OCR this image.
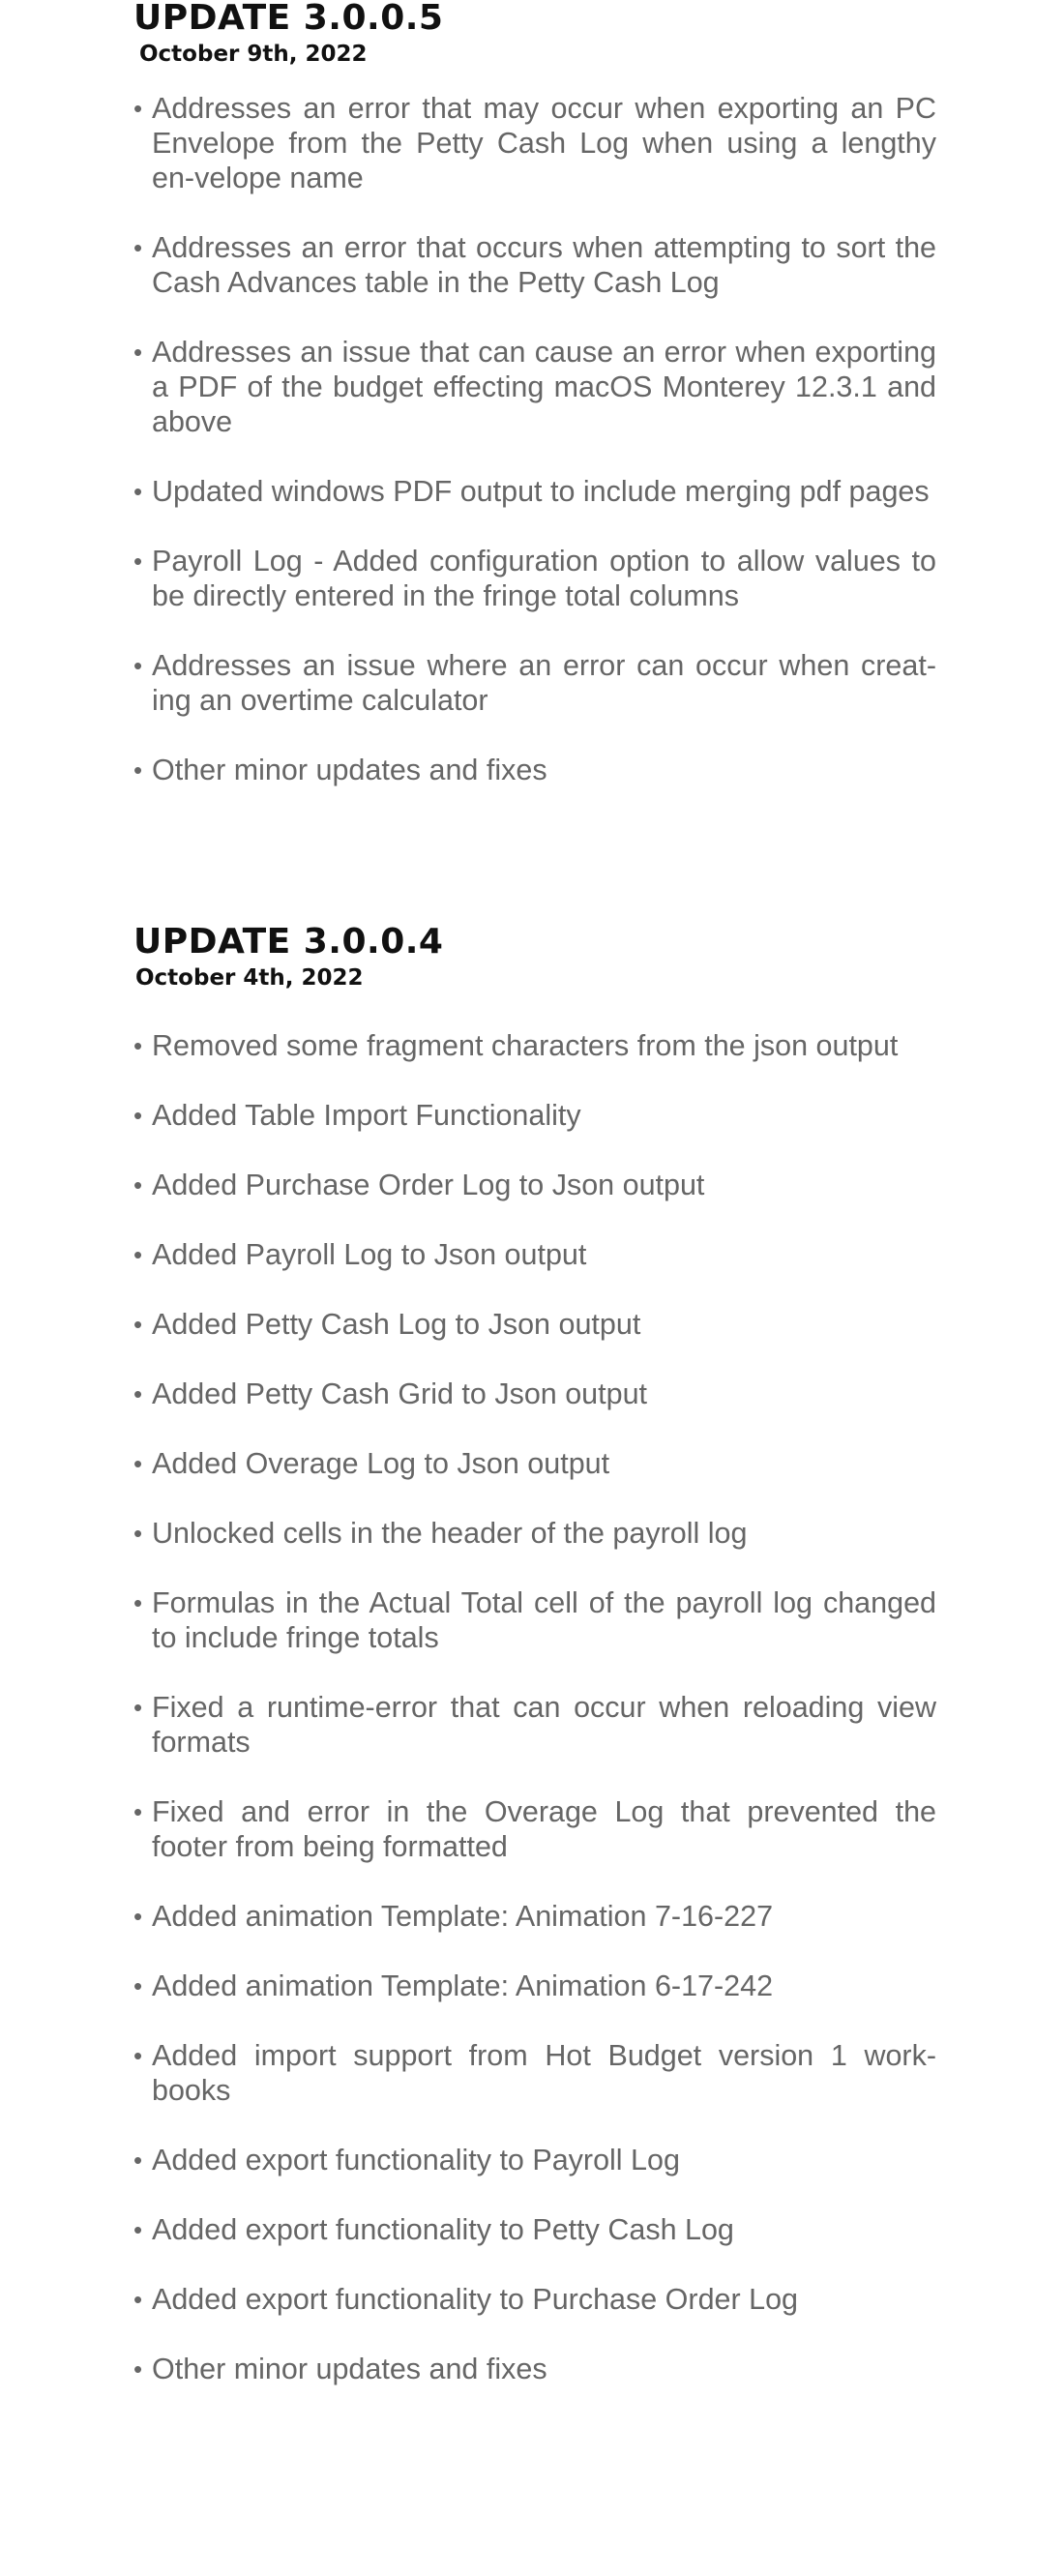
UPDATE 3.0.0.5
October 9th, 2022
• Addresses an error that may occur when exporting an PC Envelope from the Petty Cash Log when using a lengthy en-velope name
• Addresses an error that occurs when attempting to sort the Cash Advances table in the Petty Cash Log
• Addresses an issue that can cause an error when exporting a PDF of the budget effecting macOS Monterey 12.3.1 and above
• Updated windows PDF output to include merging pdf pages
• Payroll Log - Added configuration option to allow values to be directly entered in the fringe total columns
• Addresses an issue where an error can occur when creat-ing an overtime calculator
• Other minor updates and fixes
UPDATE 3.0.0.4
October 4th, 2022
• Removed some fragment characters from the json output
• Added Table Import Functionality
• Added Purchase Order Log to Json output
• Added Payroll Log to Json output
• Added Petty Cash Log to Json output
• Added Petty Cash Grid to Json output
• Added Overage Log to Json output
• Unlocked cells in the header of the payroll log
• Formulas in the Actual Total cell of the payroll log changed to include fringe totals
• Fixed a runtime-error that can occur when reloading view formats
• Fixed and error in the Overage Log that prevented the footer from being formatted
• Added animation Template: Animation 7-16-227
• Added animation Template: Animation 6-17-242
• Added import support from Hot Budget version 1 work-books
• Added export functionality to Payroll Log
• Added export functionality to Petty Cash Log
• Added export functionality to Purchase Order Log
• Other minor updates and fixes
